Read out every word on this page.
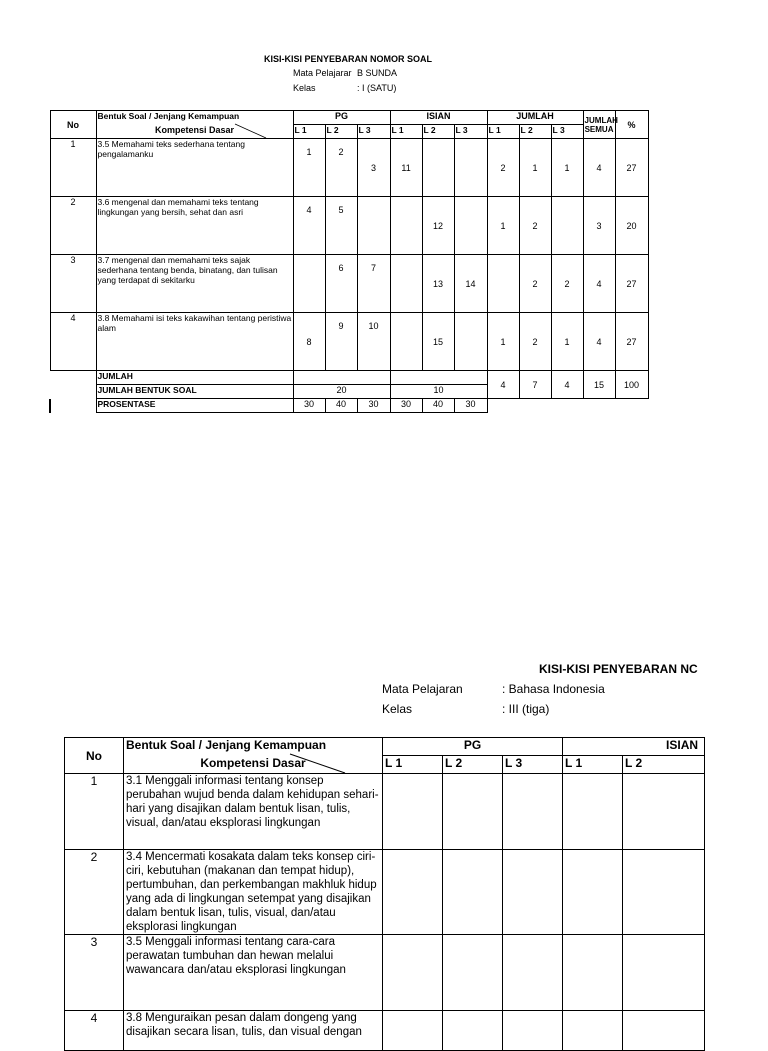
KISI-KISI PENYEBARAN NOMOR SOAL
Mata Pelajarar B SUNDA
Kelas	: I (SATU)
No	Bentuk Soal / Jenjang Kemampuan	PG			ISIAN			JUMLAH			JUMLAH SEMUA	%
	Kompetensi Dasar	L 1	L 2	L 3	L 1	L 2	L 3	L 1	L 2	L 3		
1	3.5 Memahami teks sederhana tentang pengalamanku	1	2	3	11			2	1	1	4	27
2	3.6 mengenal dan memahami teks tentang lingkungan yang bersih, sehat dan asri	4	5			12		1	2		3	20
3	3.7 mengenal dan memahami teks sajak sederhana tentang benda, binatang, dan tulisan yang terdapat di sekitarku		6	7		13	14		2	2	4	27
4	3.8 Memahami isi teks kakawihan tentang peristiwa alam	8	9	10		15		1	2	1	4	27
	JUMLAH							4	7	4	15	100
	JUMLAH BENTUK SOAL	20			10							
	PROSENTASE	30	40	30	30	40	30					
KISI-KISI PENYEBARAN NC
Mata Pelajaran	: Bahasa Indonesia
Kelas	: III (tiga)
No	Bentuk Soal / Jenjang Kemampuan	PG			ISIAN	
	Kompetensi Dasar	L 1	L 2	L 3	L 1	L 2
1	3.1 Menggali informasi tentang konsep perubahan wujud benda dalam kehidupan sehari-hari yang disajikan dalam bentuk lisan, tulis, visual, dan/atau eksplorasi lingkungan					
2	3.4 Mencermati kosakata dalam teks konsep ciri-ciri, kebutuhan (makanan dan tempat hidup), pertumbuhan, dan perkembangan makhluk hidup yang ada di lingkungan setempat yang disajikan dalam bentuk lisan, tulis, visual, dan/atau eksplorasi lingkungan					
3	3.5 Menggali informasi tentang cara-cara perawatan tumbuhan dan hewan melalui wawancara dan/atau eksplorasi lingkungan					
4	3.8 Menguraikan pesan dalam dongeng yang disajikan secara lisan, tulis, dan visual dengan					
